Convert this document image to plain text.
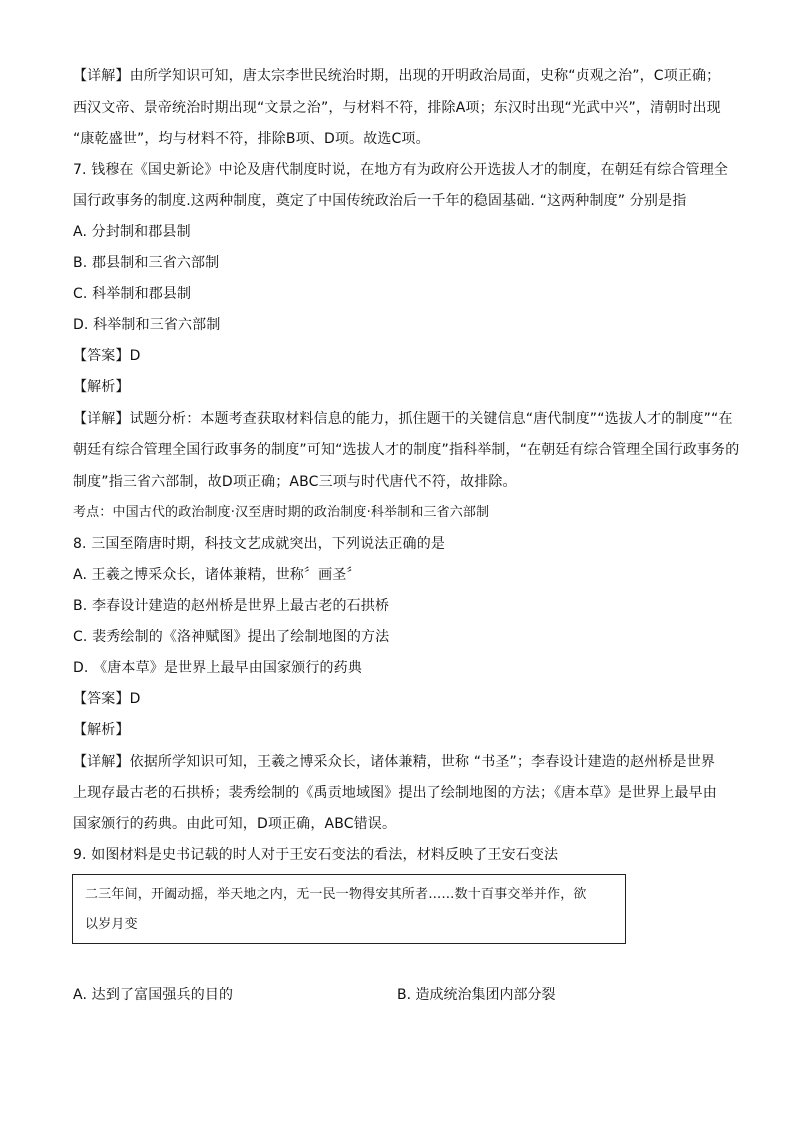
【详解】由所学知识可知，唐太宗李世民统治时期，出现的开明政治局面，史称“贞观之治”，C项正确；
西汉文帝、景帝统治时期出现“文景之治”，与材料不符，排除A项；东汉时出现“光武中兴”，清朝时出现
“康乾盛世”，均与材料不符，排除B项、D项。故选C项。
7. 钱穆在《国史新论》中论及唐代制度时说，在地方有为政府公开选拔人才的制度，在朝廷有综合管理全
国行政事务的制度.这两种制度，奠定了中国传统政治后一千年的稳固基础. “这两种制度” 分别是指
A. 分封制和郡县制
B. 郡县制和三省六部制
C. 科举制和郡县制
D. 科举制和三省六部制
【答案】D
【解析】
【详解】试题分析：本题考查获取材料信息的能力，抓住题干的关键信息“唐代制度”“选拔人才的制度”“在
朝廷有综合管理全国行政事务的制度”可知“选拔人才的制度”指科举制，“在朝廷有综合管理全国行政事务的
制度”指三省六部制，故D项正确；ABC三项与时代唐代不符，故排除。
考点：中国古代的政治制度·汉至唐时期的政治制度·科举制和三省六部制
8. 三国至隋唐时期，科技文艺成就突出，下列说法正确的是
A. 王羲之博采众长，诸体兼精，世称〞画圣〞
B. 李春设计建造的赵州桥是世界上最古老的石拱桥
C. 裴秀绘制的《洛神赋图》提出了绘制地图的方法
D. 《唐本草》是世界上最早由国家颁行的药典
【答案】D
【解析】
【详解】依据所学知识可知，王羲之博采众长，诸体兼精，世称 “书圣”；李春设计建造的赵州桥是世界
上现存最古老的石拱桥；裴秀绘制的《禹贡地域图》提出了绘制地图的方法；《唐本草》是世界上最早由
国家颁行的药典。由此可知，D项正确，ABC错误。
9. 如图材料是史书记载的时人对于王安石变法的看法，材料反映了王安石变法
二三年间，开阖动摇，举天地之内，无一民一物得安其所者……数十百事交举并作，欲
以岁月变
A. 达到了富国强兵的目的	B. 造成统治集团内部分裂
